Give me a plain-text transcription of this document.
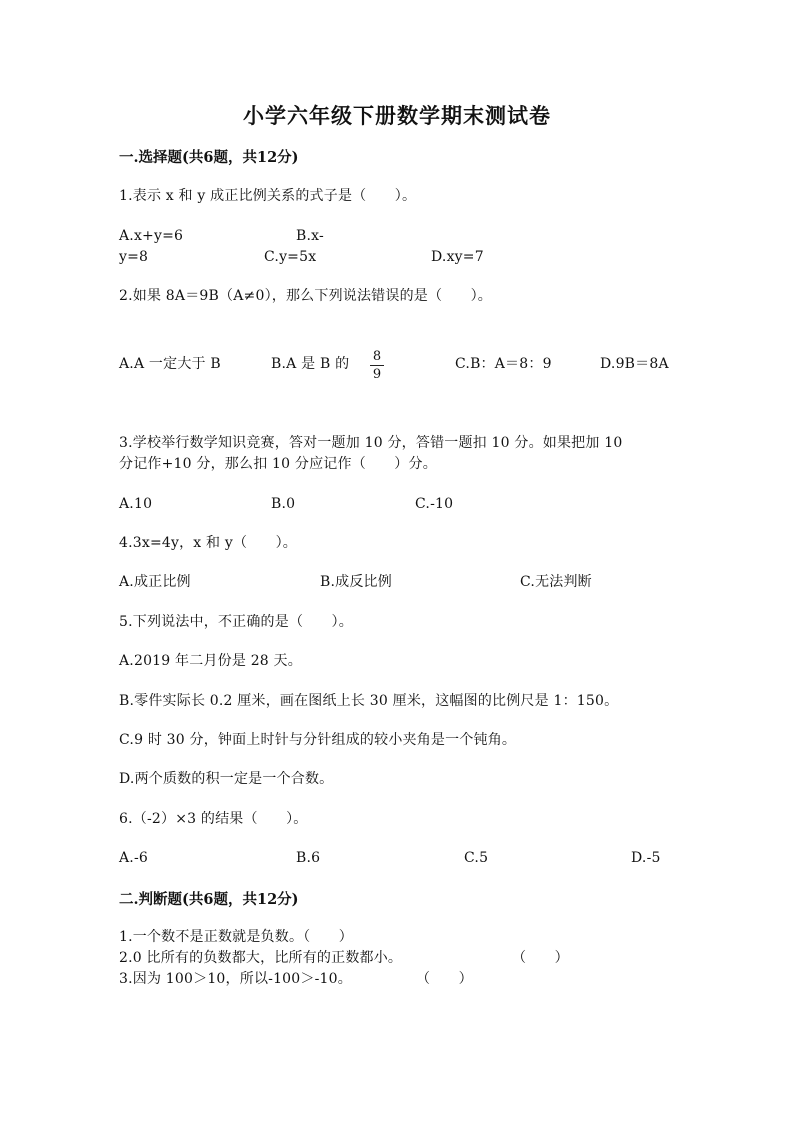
小学六年级下册数学期末测试卷
一.选择题(共6题，共12分)
1.表示 x 和 y 成正比例关系的式子是（　　）。
A.x+y=6	B.x-
y=8	C.y=5x	D.xy=7
2.如果 8A＝9B（A≠0），那么下列说法错误的是（　　）。
A.A 一定大于 B	B.A 是 B 的 8
9
C.B：A＝8：9	D.9B＝8A
3.学校举行数学知识竞赛，答对一题加 10 分，答错一题扣 10 分。如果把加 10
分记作+10 分，那么扣 10 分应记作（　　）分。
A.10	B.0	C.-10
4.3x=4y，x 和 y（　　）。
A.成正比例	B.成反比例	C.无法判断
5.下列说法中，不正确的是（　　）。
A.2019 年二月份是 28 天。
B.零件实际长 0.2 厘米，画在图纸上长 30 厘米，这幅图的比例尺是 1：150。
C.9 时 30 分，钟面上时针与分针组成的较小夹角是一个钝角。
D.两个质数的积一定是一个合数。
6.（-2）×3 的结果（　　）。
A.-6	B.6	C.5	D.-5
二.判断题(共6题，共12分)
1.一个数不是正数就是负数。（　　）
2.0 比所有的负数都大，比所有的正数都小。	（　　）
3.因为 100＞10，所以-100＞-10。	（　　）
